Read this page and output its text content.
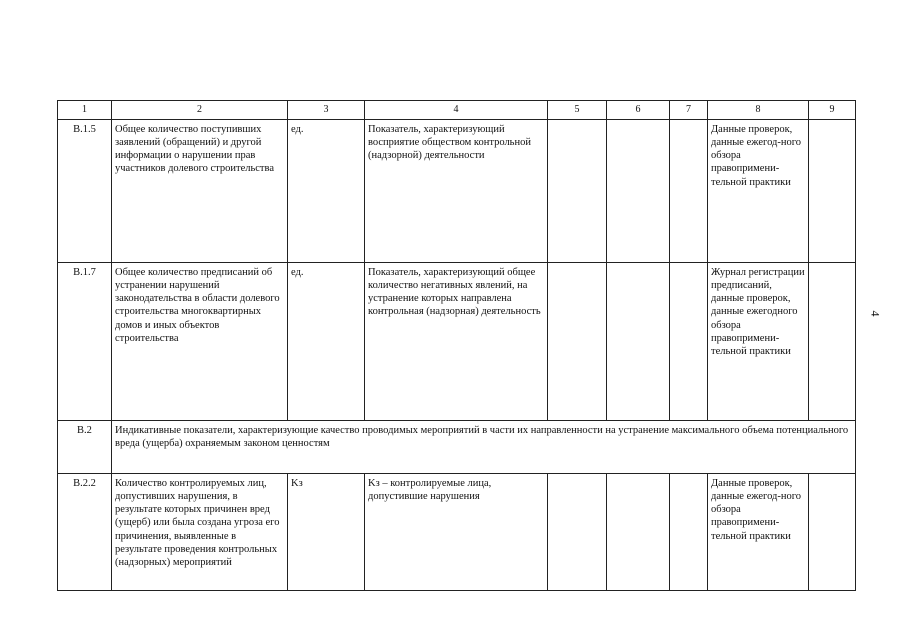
1	2	3	4	5	6	7	8	9
В.1.5	Общее количество поступивших заявлений (обращений) и другой информации о нарушении прав участников долевого строительства	ед.	Показатель, характеризующий восприятие обществом контрольной (надзорной) деятельности				Данные проверок, данные ежегод-ного обзора правопримени-тельной практики	
В.1.7	Общее количество предписаний об устранении нарушений законодательства в области долевого строительства многоквартирных домов и иных объектов строительства	ед.	Показатель, характеризующий общее количество негативных явлений, на устранение которых направлена контрольная (надзорная) деятельность				Журнал регистрации предписаний, данные проверок, данные ежегодного обзора правопримени-тельной практики	
В.2	Индикативные показатели, характеризующие качество проводимых мероприятий в части их направленности на устранение максимального объема потенциального вреда (ущерба) охраняемым законом ценностям							
В.2.2	Количество контролируемых лиц, допустивших нарушения, в результате которых причинен вред (ущерб) или была создана угроза его причинения, выявленные в результате проведения контрольных (надзорных) мероприятий	Kз	Kз – контролируемые лица, допустившие нарушения				Данные проверок, данные ежегод-ного обзора правопримени-тельной практики	
4
